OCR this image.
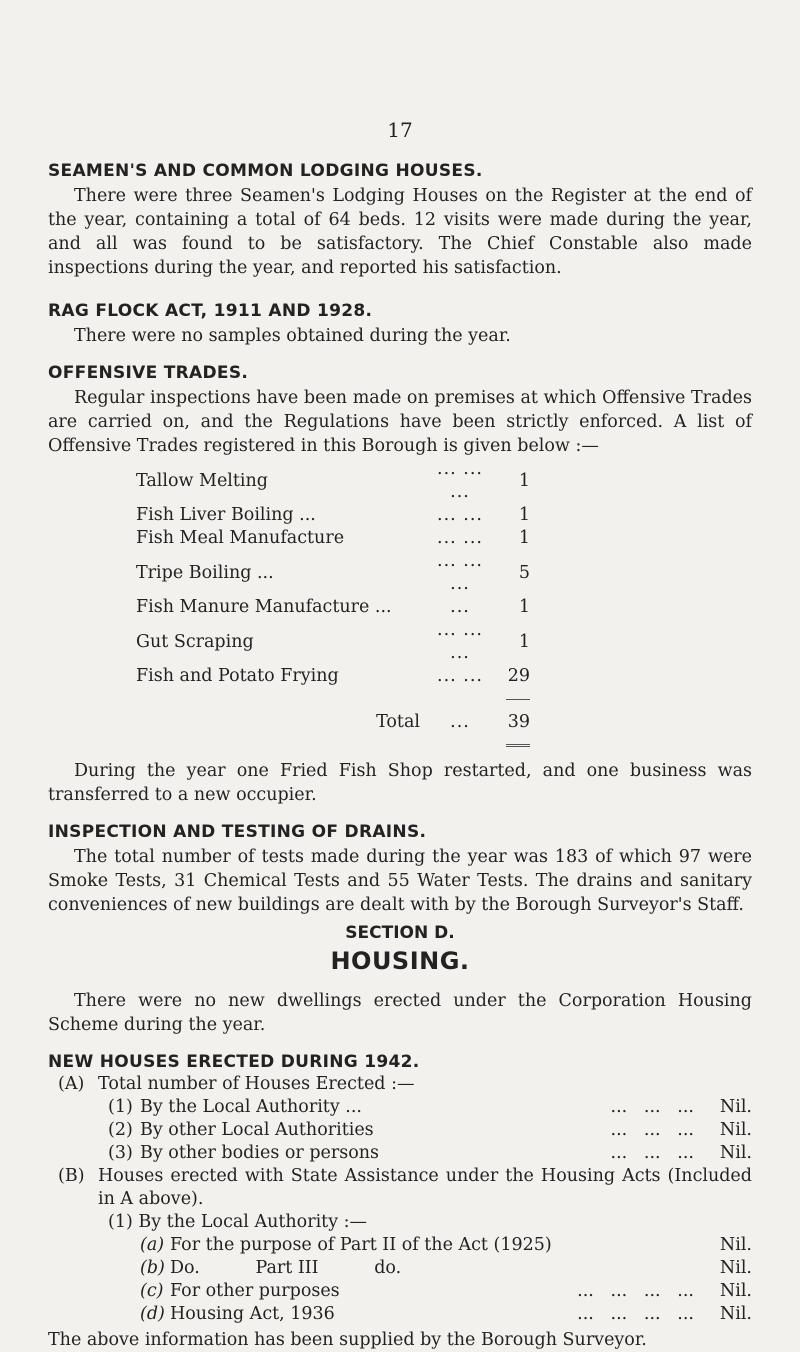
17
SEAMEN'S AND COMMON LODGING HOUSES.

There were three Seamen's Lodging Houses on the Register at the end of the year, containing a total of 64 beds. 12 visits were made during the year, and all was found to be satisfactory. The Chief Constable also made inspections during the year, and reported his satisfaction.

RAG FLOCK ACT, 1911 AND 1928.

There were no samples obtained during the year.

OFFENSIVE TRADES.

Regular inspections have been made on premises at which Offensive Trades are carried on, and the Regulations have been strictly enforced. A list of Offensive Trades registered in this Borough is given below :—

Tallow Melting	... ... ...	1
Fish Liver Boiling ...	... ...	1
Fish Meal Manufacture	... ...	1
Tripe Boiling ...	... ... ...	5
Fish Manure Manufacture ...	...	1
Gut Scraping	... ... ...	1
Fish and Potato Frying	... ...	29

Total	...	39

During the year one Fried Fish Shop restarted, and one business was transferred to a new occupier.

INSPECTION AND TESTING OF DRAINS.

The total number of tests made during the year was 183 of which 97 were Smoke Tests, 31 Chemical Tests and 55 Water Tests. The drains and sanitary conveniences of new buildings are dealt with by the Borough Surveyor's Staff.

SECTION D.
HOUSING.

There were no new dwellings erected under the Corporation Housing Scheme during the year.

NEW HOUSES ERECTED DURING 1942.
(A)	Total number of Houses Erected :—	
	(1) By the Local Authority ... ...   ...   ...	Nil.
	(2) By other Local Authorities ...   ...   ...	Nil.
	(3) By other bodies or persons ...   ...   ...	Nil.
(B)	Houses erected with State Assistance under the Housing Acts (Included in A above).	
	(1) By the Local Authority :—	
	(a) For the purpose of Part II of the Act (1925)	Nil.
	(b) Do.          Part III          do.	Nil.
	(c) For other purposes ...   ...   ...   ...	Nil.
	(d) Housing Act, 1936 ...   ...   ...   ...	Nil.

The above information has been supplied by the Borough Surveyor.
